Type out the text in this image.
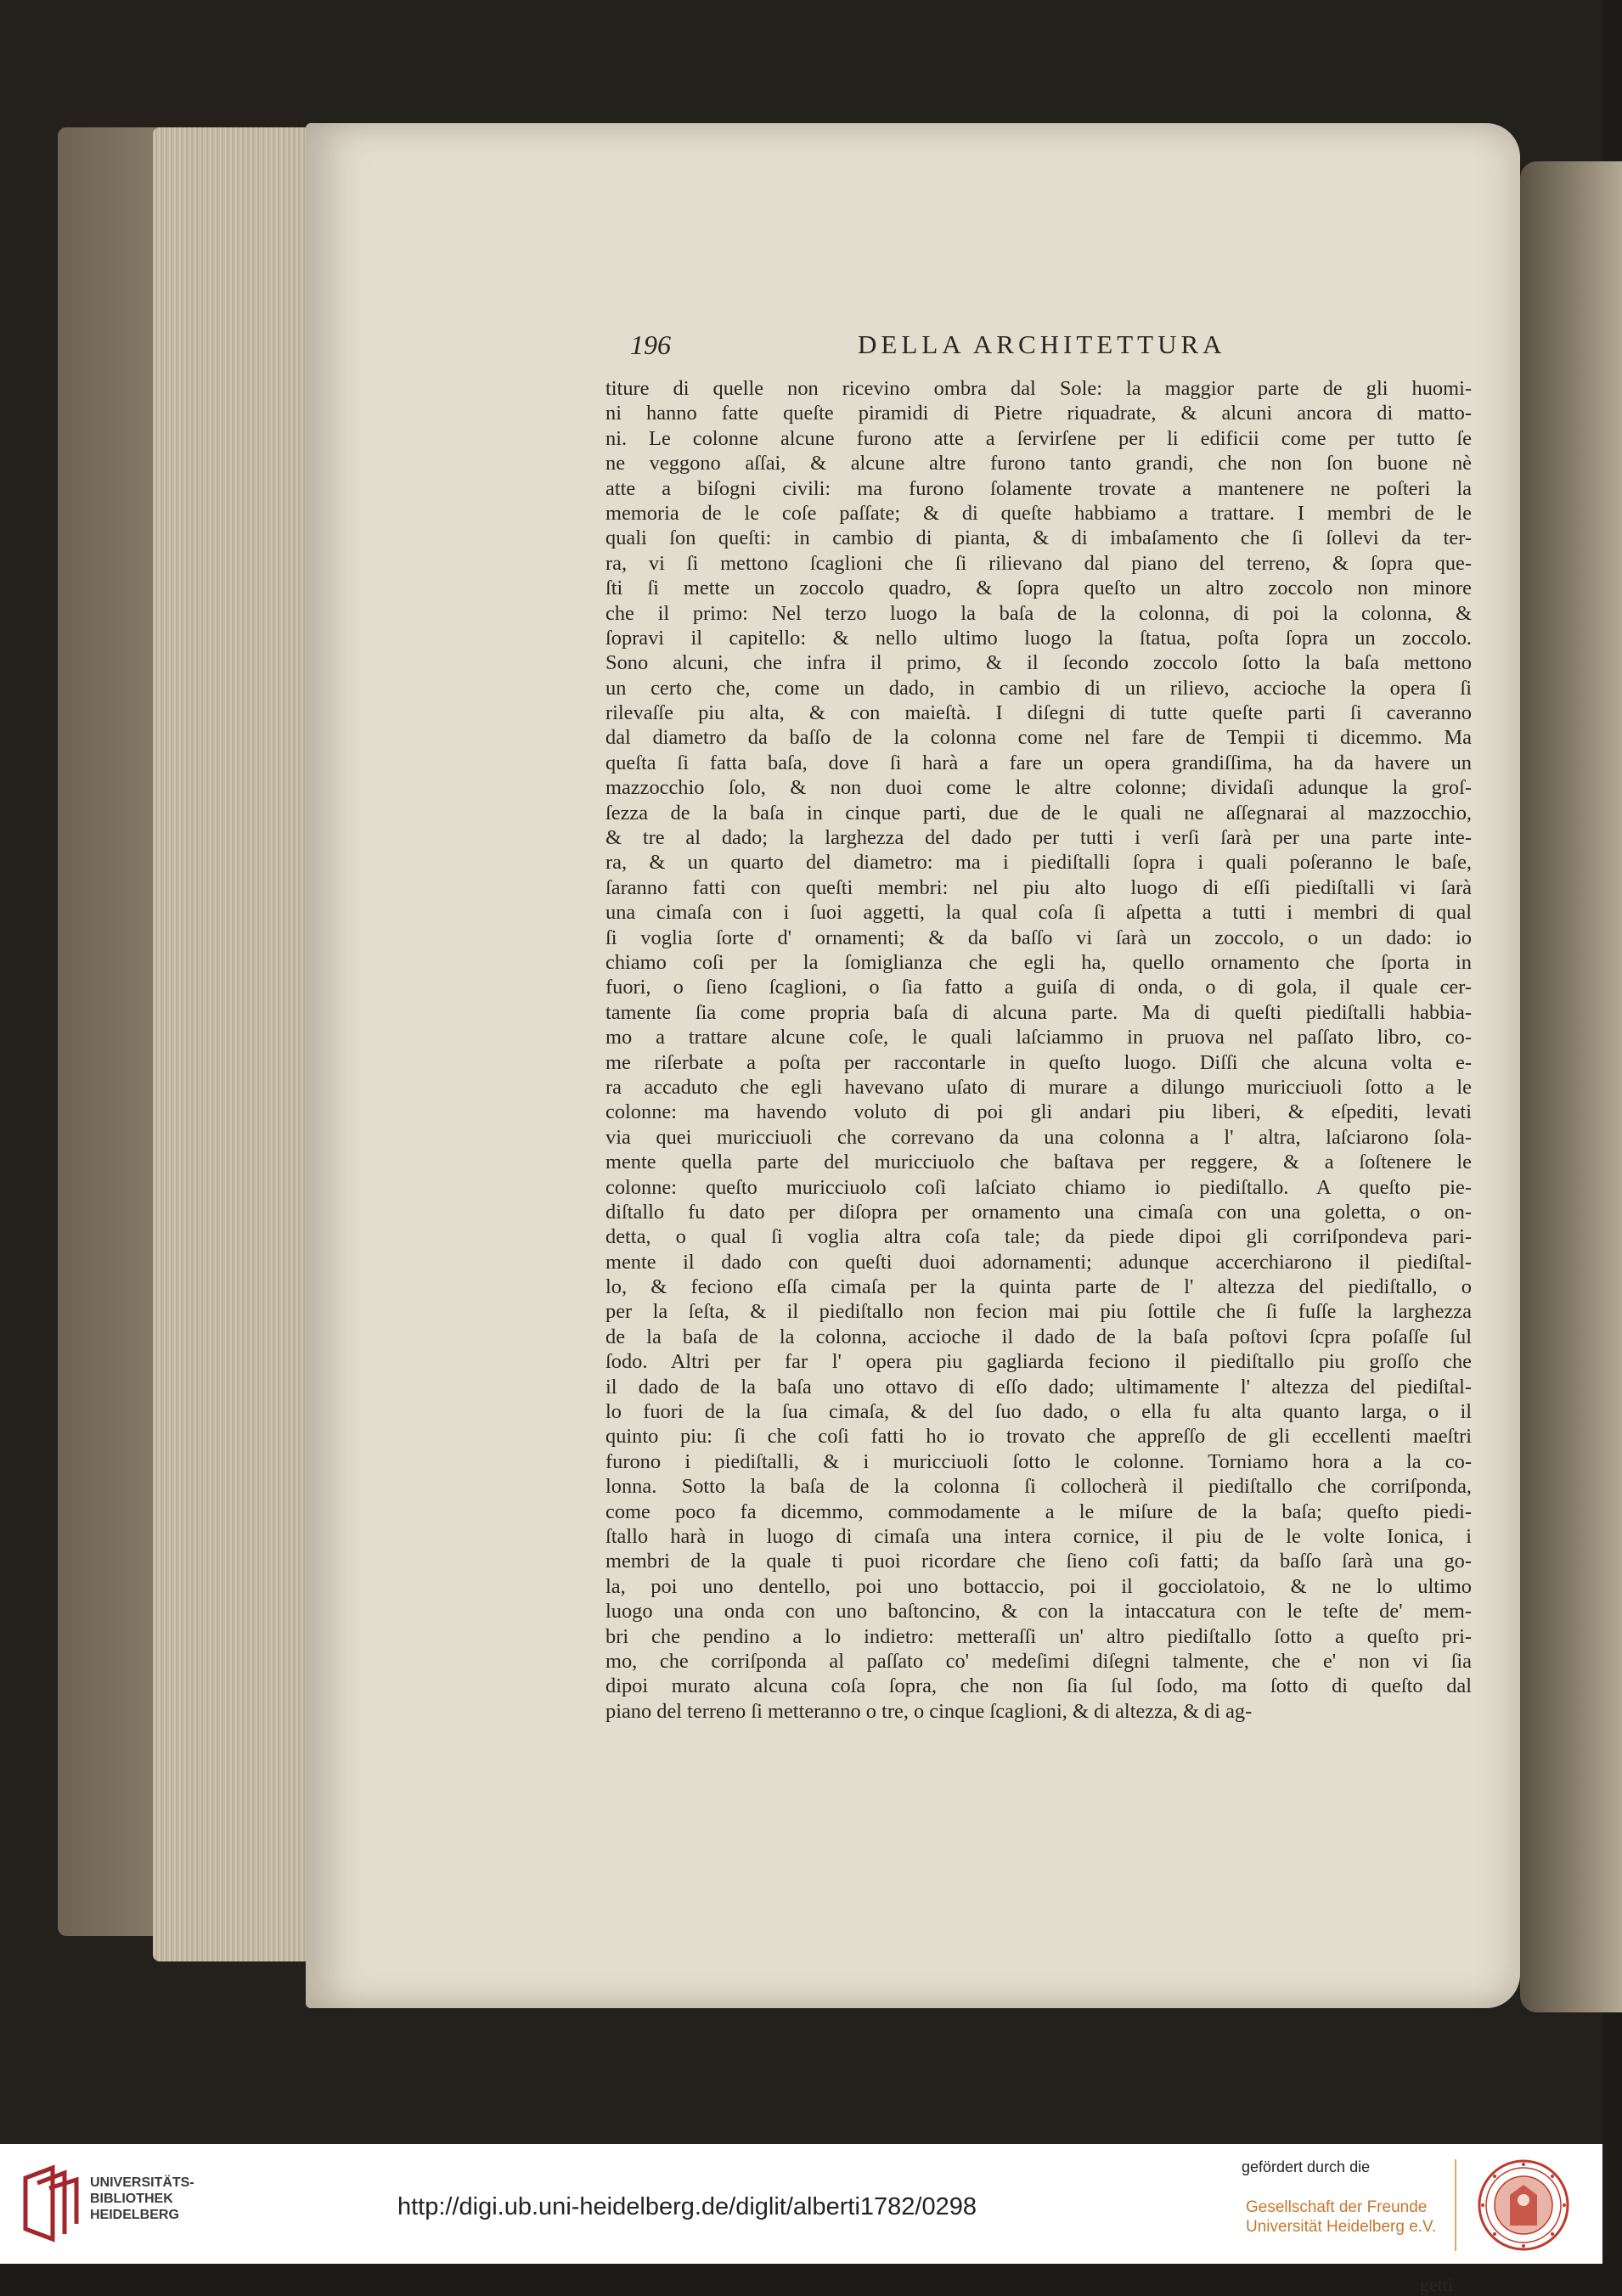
196	DELLA ARCHITETTURA
titure di quelle non ricevino ombra dal Sole: la maggior parte de gli huomi-
ni hanno fatte queſte piramidi di Pietre riquadrate, & alcuni ancora di matto-
ni. Le colonne alcune furono atte a ſervirſene per li edificii come per tutto ſe
ne veggono aſſai, & alcune altre furono tanto grandi, che non ſon buone nè
atte a biſogni civili: ma furono ſolamente trovate a mantenere ne poſteri la
memoria de le coſe paſſate; & di queſte habbiamo a trattare. I membri de le
quali ſon queſti: in cambio di pianta, & di imbaſamento che ſi ſollevi da ter-
ra, vi ſi mettono ſcaglioni che ſi rilievano dal piano del terreno, & ſopra que-
ſti ſi mette un zoccolo quadro, & ſopra queſto un altro zoccolo non minore
che il primo: Nel terzo luogo la baſa de la colonna, di poi la colonna, &
ſopravi il capitello: & nello ultimo luogo la ſtatua, poſta ſopra un zoccolo.
Sono alcuni, che infra il primo, & il ſecondo zoccolo ſotto la baſa mettono
un certo che, come un dado, in cambio di un rilievo, accioche la opera ſi
rilevaſſe piu alta, & con maieſtà. I diſegni di tutte queſte parti ſi caveranno
dal diametro da baſſo de la colonna come nel fare de Tempii ti dicemmo. Ma
queſta ſi fatta baſa, dove ſi harà a fare un opera grandiſſima, ha da havere un
mazzocchio ſolo, & non duoi come le altre colonne; dividaſi adunque la groſ-
ſezza de la baſa in cinque parti, due de le quali ne aſſegnarai al mazzocchio,
& tre al dado; la larghezza del dado per tutti i verſi ſarà per una parte inte-
ra, & un quarto del diametro: ma i piediſtalli ſopra i quali poſeranno le baſe,
ſaranno fatti con queſti membri: nel piu alto luogo di eſſi piediſtalli vi ſarà
una cimaſa con i ſuoi aggetti, la qual coſa ſi aſpetta a tutti i membri di qual
ſi voglia ſorte d' ornamenti; & da baſſo vi ſarà un zoccolo, o un dado: io
chiamo coſi per la ſomiglianza che egli ha, quello ornamento che ſporta in
fuori, o ſieno ſcaglioni, o ſia fatto a guiſa di onda, o di gola, il quale cer-
tamente ſia come propria baſa di alcuna parte. Ma di queſti piediſtalli habbia-
mo a trattare alcune coſe, le quali laſciammo in pruova nel paſſato libro, co-
me riſerbate a poſta per raccontarle in queſto luogo. Diſſi che alcuna volta e-
ra accaduto che egli havevano uſato di murare a dilungo muricciuoli ſotto a le
colonne: ma havendo voluto di poi gli andari piu liberi, & eſpediti, levati
via quei muricciuoli che correvano da una colonna a l' altra, laſciarono ſola-
mente quella parte del muricciuolo che baſtava per reggere, & a ſoſtenere le
colonne: queſto muricciuolo coſi laſciato chiamo io piediſtallo. A queſto pie-
diſtallo fu dato per diſopra per ornamento una cimaſa con una goletta, o on-
detta, o qual ſi voglia altra coſa tale; da piede dipoi gli corriſpondeva pari-
mente il dado con queſti duoi adornamenti; adunque accerchiarono il piediſtal-
lo, & feciono eſſa cimaſa per la quinta parte de l' altezza del piediſtallo, o
per la ſeſta, & il piediſtallo non fecion mai piu ſottile che ſi fuſſe la larghezza
de la baſa de la colonna, accioche il dado de la baſa poſtovi ſcpra poſaſſe ſul
ſodo. Altri per far l' opera piu gagliarda feciono il piediſtallo piu groſſo che
il dado de la baſa uno ottavo di eſſo dado; ultimamente l' altezza del piediſtal-
lo fuori de la ſua cimaſa, & del ſuo dado, o ella fu alta quanto larga, o il
quinto piu: ſi che coſi fatti ho io trovato che appreſſo de gli eccellenti maeſtri
furono i piediſtalli, & i muricciuoli ſotto le colonne. Torniamo hora a la co-
lonna. Sotto la baſa de la colonna ſi collocherà il piediſtallo che corriſponda,
come poco fa dicemmo, commodamente a le miſure de la baſa; queſto piedi-
ſtallo harà in luogo di cimaſa una intera cornice, il piu de le volte Ionica, i
membri de la quale ti puoi ricordare che ſieno coſi fatti; da baſſo ſarà una go-
la, poi uno dentello, poi uno bottaccio, poi il gocciolatoio, & ne lo ultimo
luogo una onda con uno baſtoncino, & con la intaccatura con le teſte de' mem-
bri che pendino a lo indietro: metteraſſi un' altro piediſtallo ſotto a queſto pri-
mo, che corriſponda al paſſato co' medeſimi diſegni talmente, che e' non vi ſia
dipoi murato alcuna coſa ſopra, che non ſia ſul ſodo, ma ſotto di queſto dal
piano del terreno ſi metteranno o tre, o cinque ſcaglioni, & di altezza, & di ag-
getti
UNIVERSITÄTS-
BIBLIOTHEK
HEIDELBERG	http://digi.ub.uni-heidelberg.de/diglit/alberti1782/0298
gefördert durch die
Gesellschaft der Freunde
Universität Heidelberg e.V.
